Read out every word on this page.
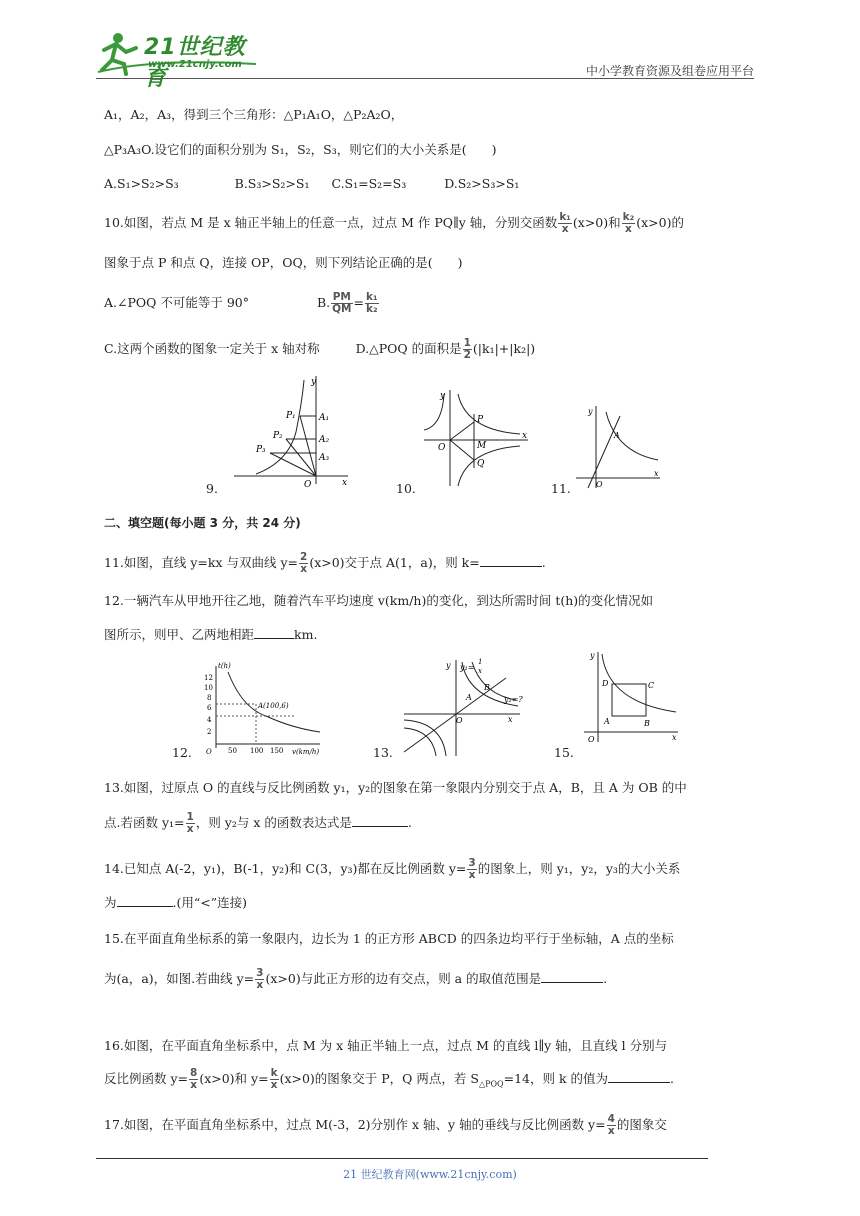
21世纪教育
www.21cnjy.com	中小学教育资源及组卷应用平台
A₁，A₂，A₃，得到三个三角形：△P₁A₁O，△P₂A₂O，
△P₃A₃O.设它们的面积分别为 S₁，S₂，S₃，则它们的大小关系是(　　)
A.S₁>S₂>S₃	B.S₃>S₂>S₁ C.S₁=S₂=S₃	D.S₂>S₃>S₁
10.如图，若点 M 是 x 轴正半轴上的任意一点，过点 M 作 PQ∥y 轴，分别交函数 $\frac{\text{k₁}}{x} (x>0)$和 $\frac{\text{k₂}}{x} (x>0)$的
图象于点 P 和点 Q，连接 OP，OQ，则下列结论正确的是(　　)
A.∠POQ 不可能等于 90°	B. $\frac{PM}{QM} = \frac{\text{k₁}}{\text{k₂}}$
C.这两个函数的图象一定关于 x 轴对称	D.△POQ 的面积是 $\frac{1}{2} (|k_1|+|k_2|)$
y
x
O
P₁
P₂
P₃
A₁
A₂
A₃
9.
y
x
O
P
M
Q
10.
y
x
O
A
11.
二、填空题(每小题 3 分，共 24 分)
11.如图，直线 y=kx 与双曲线 $y= \frac{2}{x} (x>0)$交于点 A(1，a)，则 k=	.
12.一辆汽车从甲地开往乙地，随着汽车平均速度 v(km/h)的变化，到达所需时间 t(h)的变化情况如
图所示，则甲、乙两地相距	km.
t(h)
v(km/h)
O
A(100,6)
12
10
8
6
4
2
50 100 150
12.
y
x
O
y₁=
1
x
y₂=?
A
B
13.
y
x
O
A	B
C
D
15.
13.如图，过原点 O 的直线与反比例函数 y₁，y₂的图象在第一象限内分别交于点 A，B，且 A 为 OB 的中
点.若函数 $y_1= \frac{1}{x}$ ，则 y₂与 x 的函数表达式是	.
14.已知点 A(-2，y₁)，B(-1，y₂)和 C(3，y₃)都在反比例函数 $y= \frac{3}{x}$ 的图象上，则 y₁，y₂，y₃的大小关系
为	.(用“<”连接)
15.在平面直角坐标系的第一象限内，边长为 1 的正方形 ABCD 的四条边均平行于坐标轴，A 点的坐标
为(a，a)，如图.若曲线 $y= \frac{3}{x} (x>0)$与此正方形的边有交点，则 a 的取值范围是	.
16.如图，在平面直角坐标系中，点 M 为 x 轴正半轴上一点，过点 M 的直线 l∥y 轴，且直线 l 分别与
反比例函数 $y= \frac{8}{x} (x>0)$和 $y= \frac{k}{x} (x>0)$的图象交于 P，Q 两点，若 $S_{\triangle POQ}=14$，则 k 的值为	.
17.如图，在平面直角坐标系中，过点 M(-3，2)分别作 x 轴、y 轴的垂线与反比例函数 $y= \frac{4}{x}$ 的图象交
21 世纪教育网(www.21cnjy.com)
